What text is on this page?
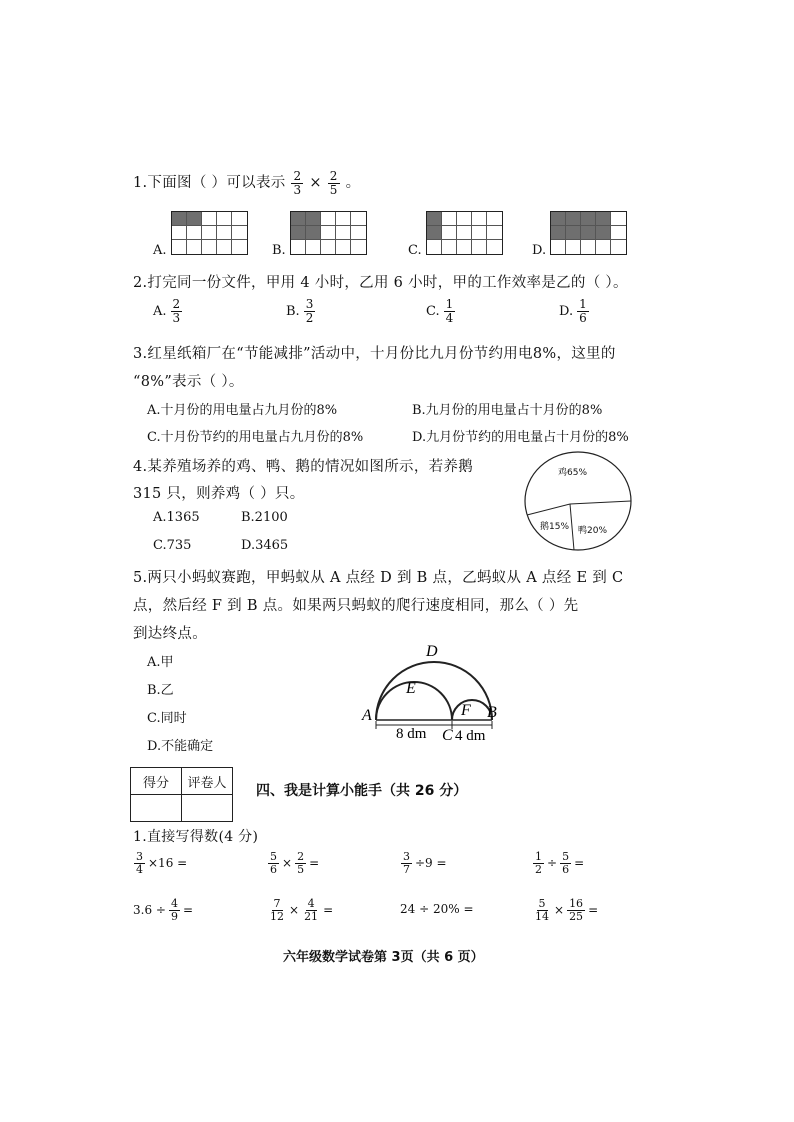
1.下面图（ ）可以表示 $\frac{2}{3} \times \frac{2}{5}$ 。
A.	B.	C.	D.
2.打完同一份文件，甲用 4 小时，乙用 6 小时，甲的工作效率是乙的（ ）。
A. $\frac{2}{3}$	B. $\frac{3}{2}$	C. $\frac{1}{4}$	D. $\frac{1}{6}$
3.红星纸箱厂在“节能减排”活动中，十月份比九月份节约用电8%，这里的
“8%”表示（ ）。
A.十月份的用电量占九月份的8%	B.九月份的用电量占十月份的8%
C.十月份节约的用电量占九月份的8%	D.九月份节约的用电量占十月份的8%
4.某养殖场养的鸡、鸭、鹅的情况如图所示，若养鹅
315 只，则养鸡（ ）只。
A.1365	B.2100
C.735	D.3465
鸡65%
鹅15% 鸭20%
5.两只小蚂蚁赛跑，甲蚂蚁从 A 点经 D 到 B 点，乙蚂蚁从 A 点经 E 到 C
点，然后经 F 到 B 点。如果两只蚂蚁的爬行速度相同，那么（ ）先
到达终点。
A.甲
B.乙
C.同时
D.不能确定
D
E
A	F B
C
8 dm 4 dm
得分	评卷人
	四、我是计算小能手（共 26 分）
1.直接写得数(4 分)
$\frac{3}{4} \times 16$ =	$\frac{5}{6} \times \frac{2}{5}$ =	$\frac{3}{7} \div 9$ =	$\frac{1}{2} \div \frac{5}{6}$ =
$3.6 \div \frac{4}{9}$ =	$\frac{7}{12} \times \frac{4}{21}$ =	24 ÷ 20% =	$\frac{5}{14} \times \frac{16}{25}$ =
六年级数学试卷第 3页（共 6 页）
